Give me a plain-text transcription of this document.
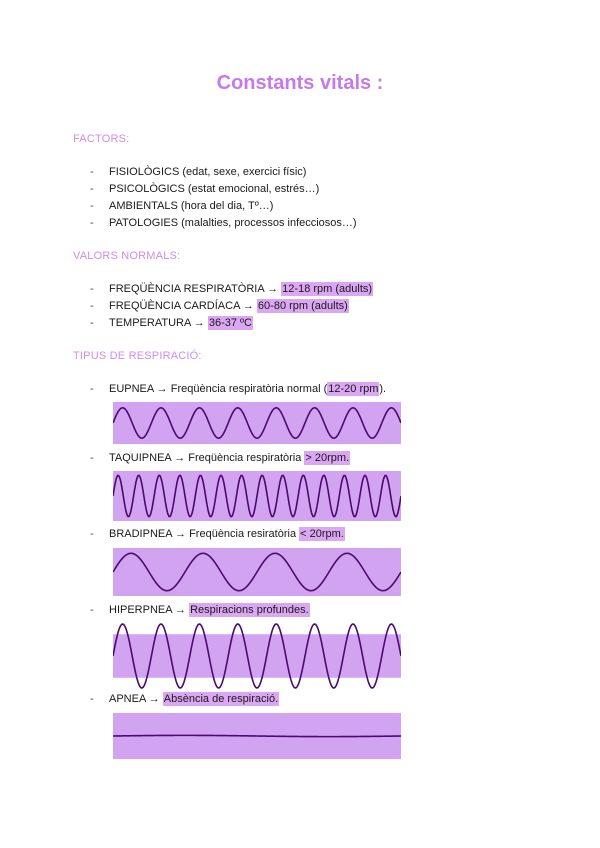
Constants vitals :
FACTORS:
- FISIOLÒGICS (edat, sexe, exercici físic)
- PSICOLÒGICS (estat emocional, estrés…)
- AMBIENTALS (hora del dia, Tº…)
- PATOLOGIES (malalties, processos infecciosos…)
VALORS NORMALS:
- FREQÜÈNCIA RESPIRATÒRIA → 12-18 rpm (adults)
- FREQÜÈNCIA CARDÍACA → 60-80 rpm (adults)
- TEMPERATURA → 36-37 ºC
TIPUS DE RESPIRACIÓ:
- EUPNEA → Freqüència respiratòria normal (12-20 rpm).
- TAQUIPNEA → Freqüència respiratòria > 20rpm.
- BRADIPNEA → Freqüència resiratòria < 20rpm.
- HIPERPNEA → Respiracions profundes.
- APNEA → Absència de respiració.
